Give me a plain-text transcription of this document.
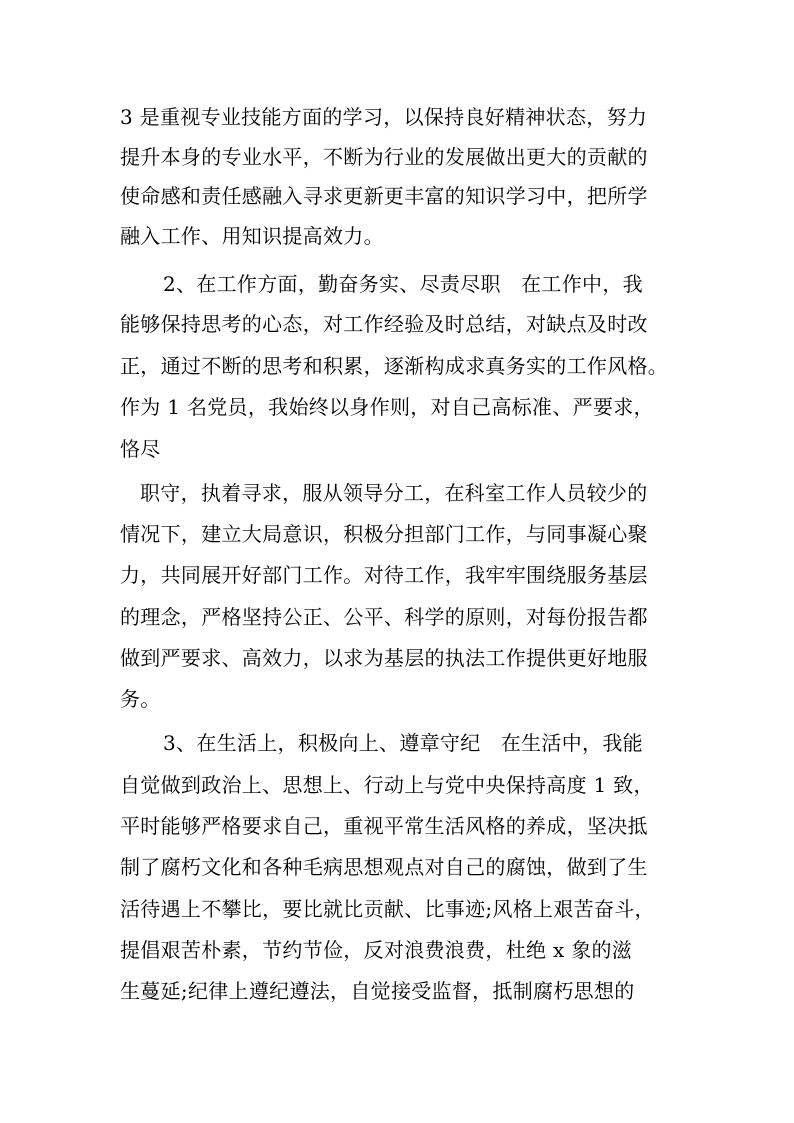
3 是重视专业技能方面的学习，以保持良好精神状态，努力
提升本身的专业水平，不断为行业的发展做出更大的贡献的
使命感和责任感融入寻求更新更丰富的知识学习中，把所学
融入工作、用知识提高效力。
2、在工作方面，勤奋务实、尽责尽职　在工作中，我
能够保持思考的心态，对工作经验及时总结，对缺点及时改
正，通过不断的思考和积累，逐渐构成求真务实的工作风格。
作为 1 名党员，我始终以身作则，对自己高标准、严要求，
恪尽
职守，执着寻求，服从领导分工，在科室工作人员较少的
情况下，建立大局意识，积极分担部门工作，与同事凝心聚
力，共同展开好部门工作。对待工作，我牢牢围绕服务基层
的理念，严格坚持公正、公平、科学的原则，对每份报告都
做到严要求、高效力，以求为基层的执法工作提供更好地服
务。
3、在生活上，积极向上、遵章守纪　在生活中，我能
自觉做到政治上、思想上、行动上与党中央保持高度 1 致，
平时能够严格要求自己，重视平常生活风格的养成，坚决抵
制了腐朽文化和各种毛病思想观点对自己的腐蚀，做到了生
活待遇上不攀比，要比就比贡献、比事迹;风格上艰苦奋斗，
提倡艰苦朴素，节约节俭，反对浪费浪费，杜绝 x 象的滋
生蔓延;纪律上遵纪遵法，自觉接受监督，抵制腐朽思想的
